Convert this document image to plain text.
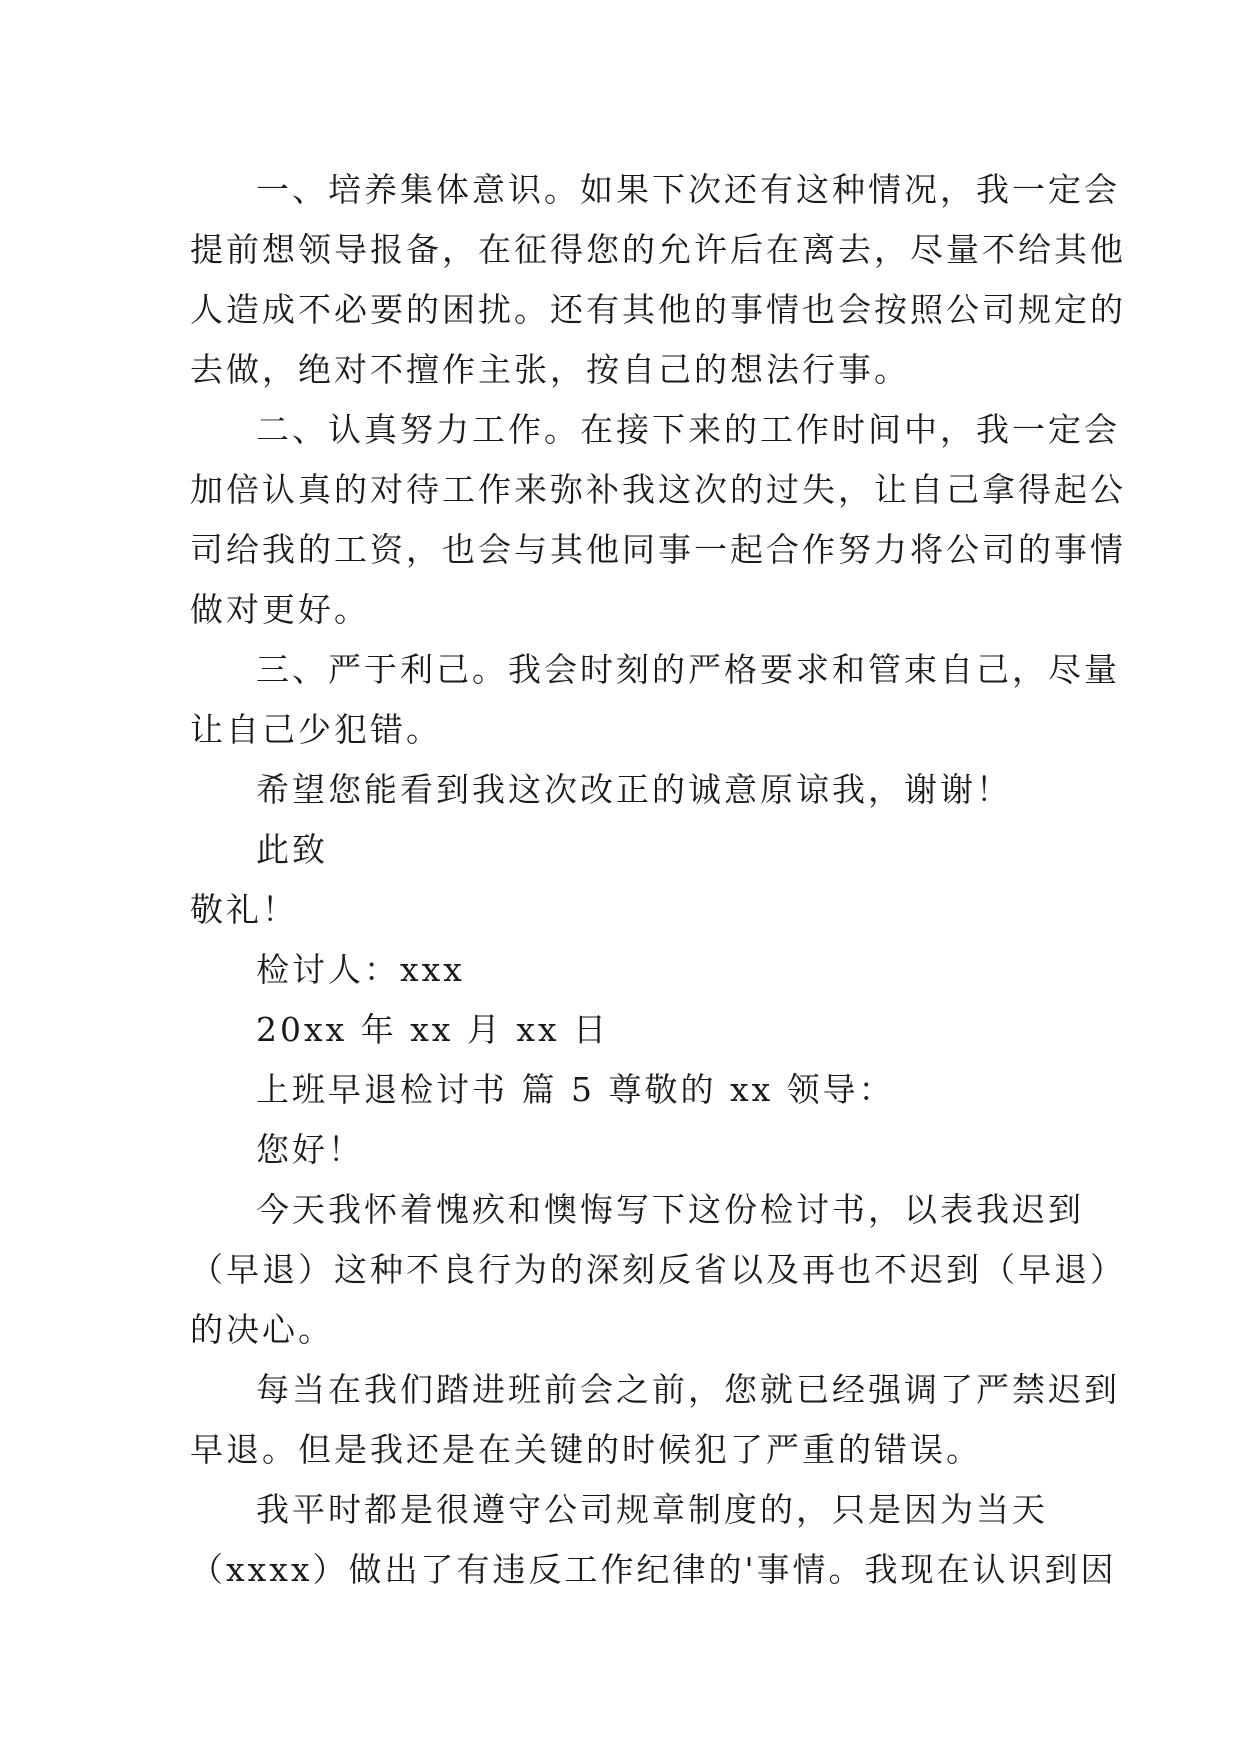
一、培养集体意识。如果下次还有这种情况，我一定会
提前想领导报备，在征得您的允许后在离去，尽量不给其他
人造成不必要的困扰。还有其他的事情也会按照公司规定的
去做，绝对不擅作主张，按自己的想法行事。
二、认真努力工作。在接下来的工作时间中，我一定会
加倍认真的对待工作来弥补我这次的过失，让自己拿得起公
司给我的工资，也会与其他同事一起合作努力将公司的事情
做对更好。
三、严于利己。我会时刻的严格要求和管束自己，尽量
让自己少犯错。
希望您能看到我这次改正的诚意原谅我，谢谢！
此致
敬礼！
检讨人：xxx
20xx 年 xx 月 xx 日
上班早退检讨书 篇 5 尊敬的 xx 领导：
您好！
今天我怀着愧疚和懊悔写下这份检讨书，以表我迟到
（早退）这种不良行为的深刻反省以及再也不迟到（早退）
的决心。
每当在我们踏进班前会之前，您就已经强调了严禁迟到
早退。但是我还是在关键的时候犯了严重的错误。
我平时都是很遵守公司规章制度的，只是因为当天
（xxxx）做出了有违反工作纪律的'事情。我现在认识到因
